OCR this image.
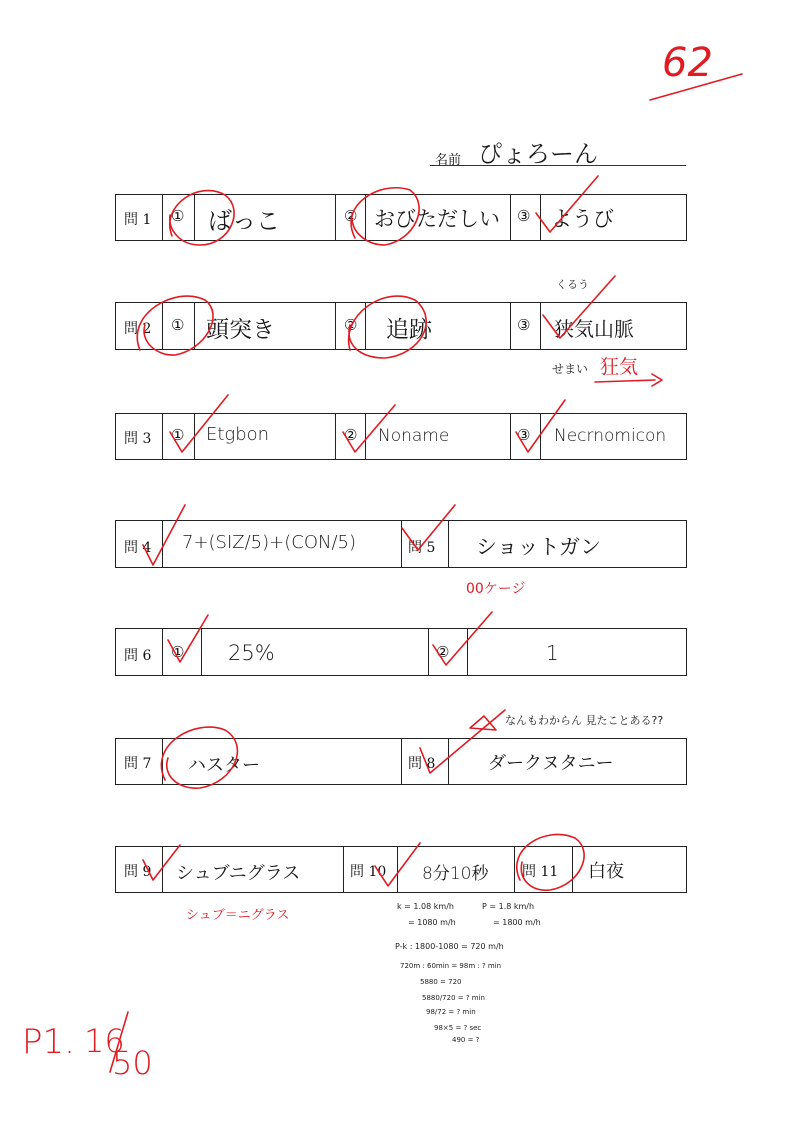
62
名前 ぴょろーん
問 1 ① ばっこ	② おびただしい ③ ようび
問 2 ① 頭突き	② 追跡	③ 狭気山脈
くるう
せまい 狂気
問 3 ① Etgbon	② Noname	③ Necrnomicon
問 4 7+(SIZ/5)+(CON/5)	問 5 ショットガン
00ケージ
問 6 ① 25%	②	1
なんもわからん 見たことある??
問 7 ハスター	問 8	ダークヌタニー
問 9 シュブニグラス	問 10 8分10秒 問 11 白夜
シュブ＝ニグラス
k = 1.08 km/h	P = 1.8 km/h
= 1080 m/h	= 1800 m/h
P-k : 1800-1080 = 720 m/h
720m : 60min = 98m : ? min
5880 = 720
5880/720 = ? min
98/72 = ? min
98×5 = ? sec
490 = ?
P1. 16
50
